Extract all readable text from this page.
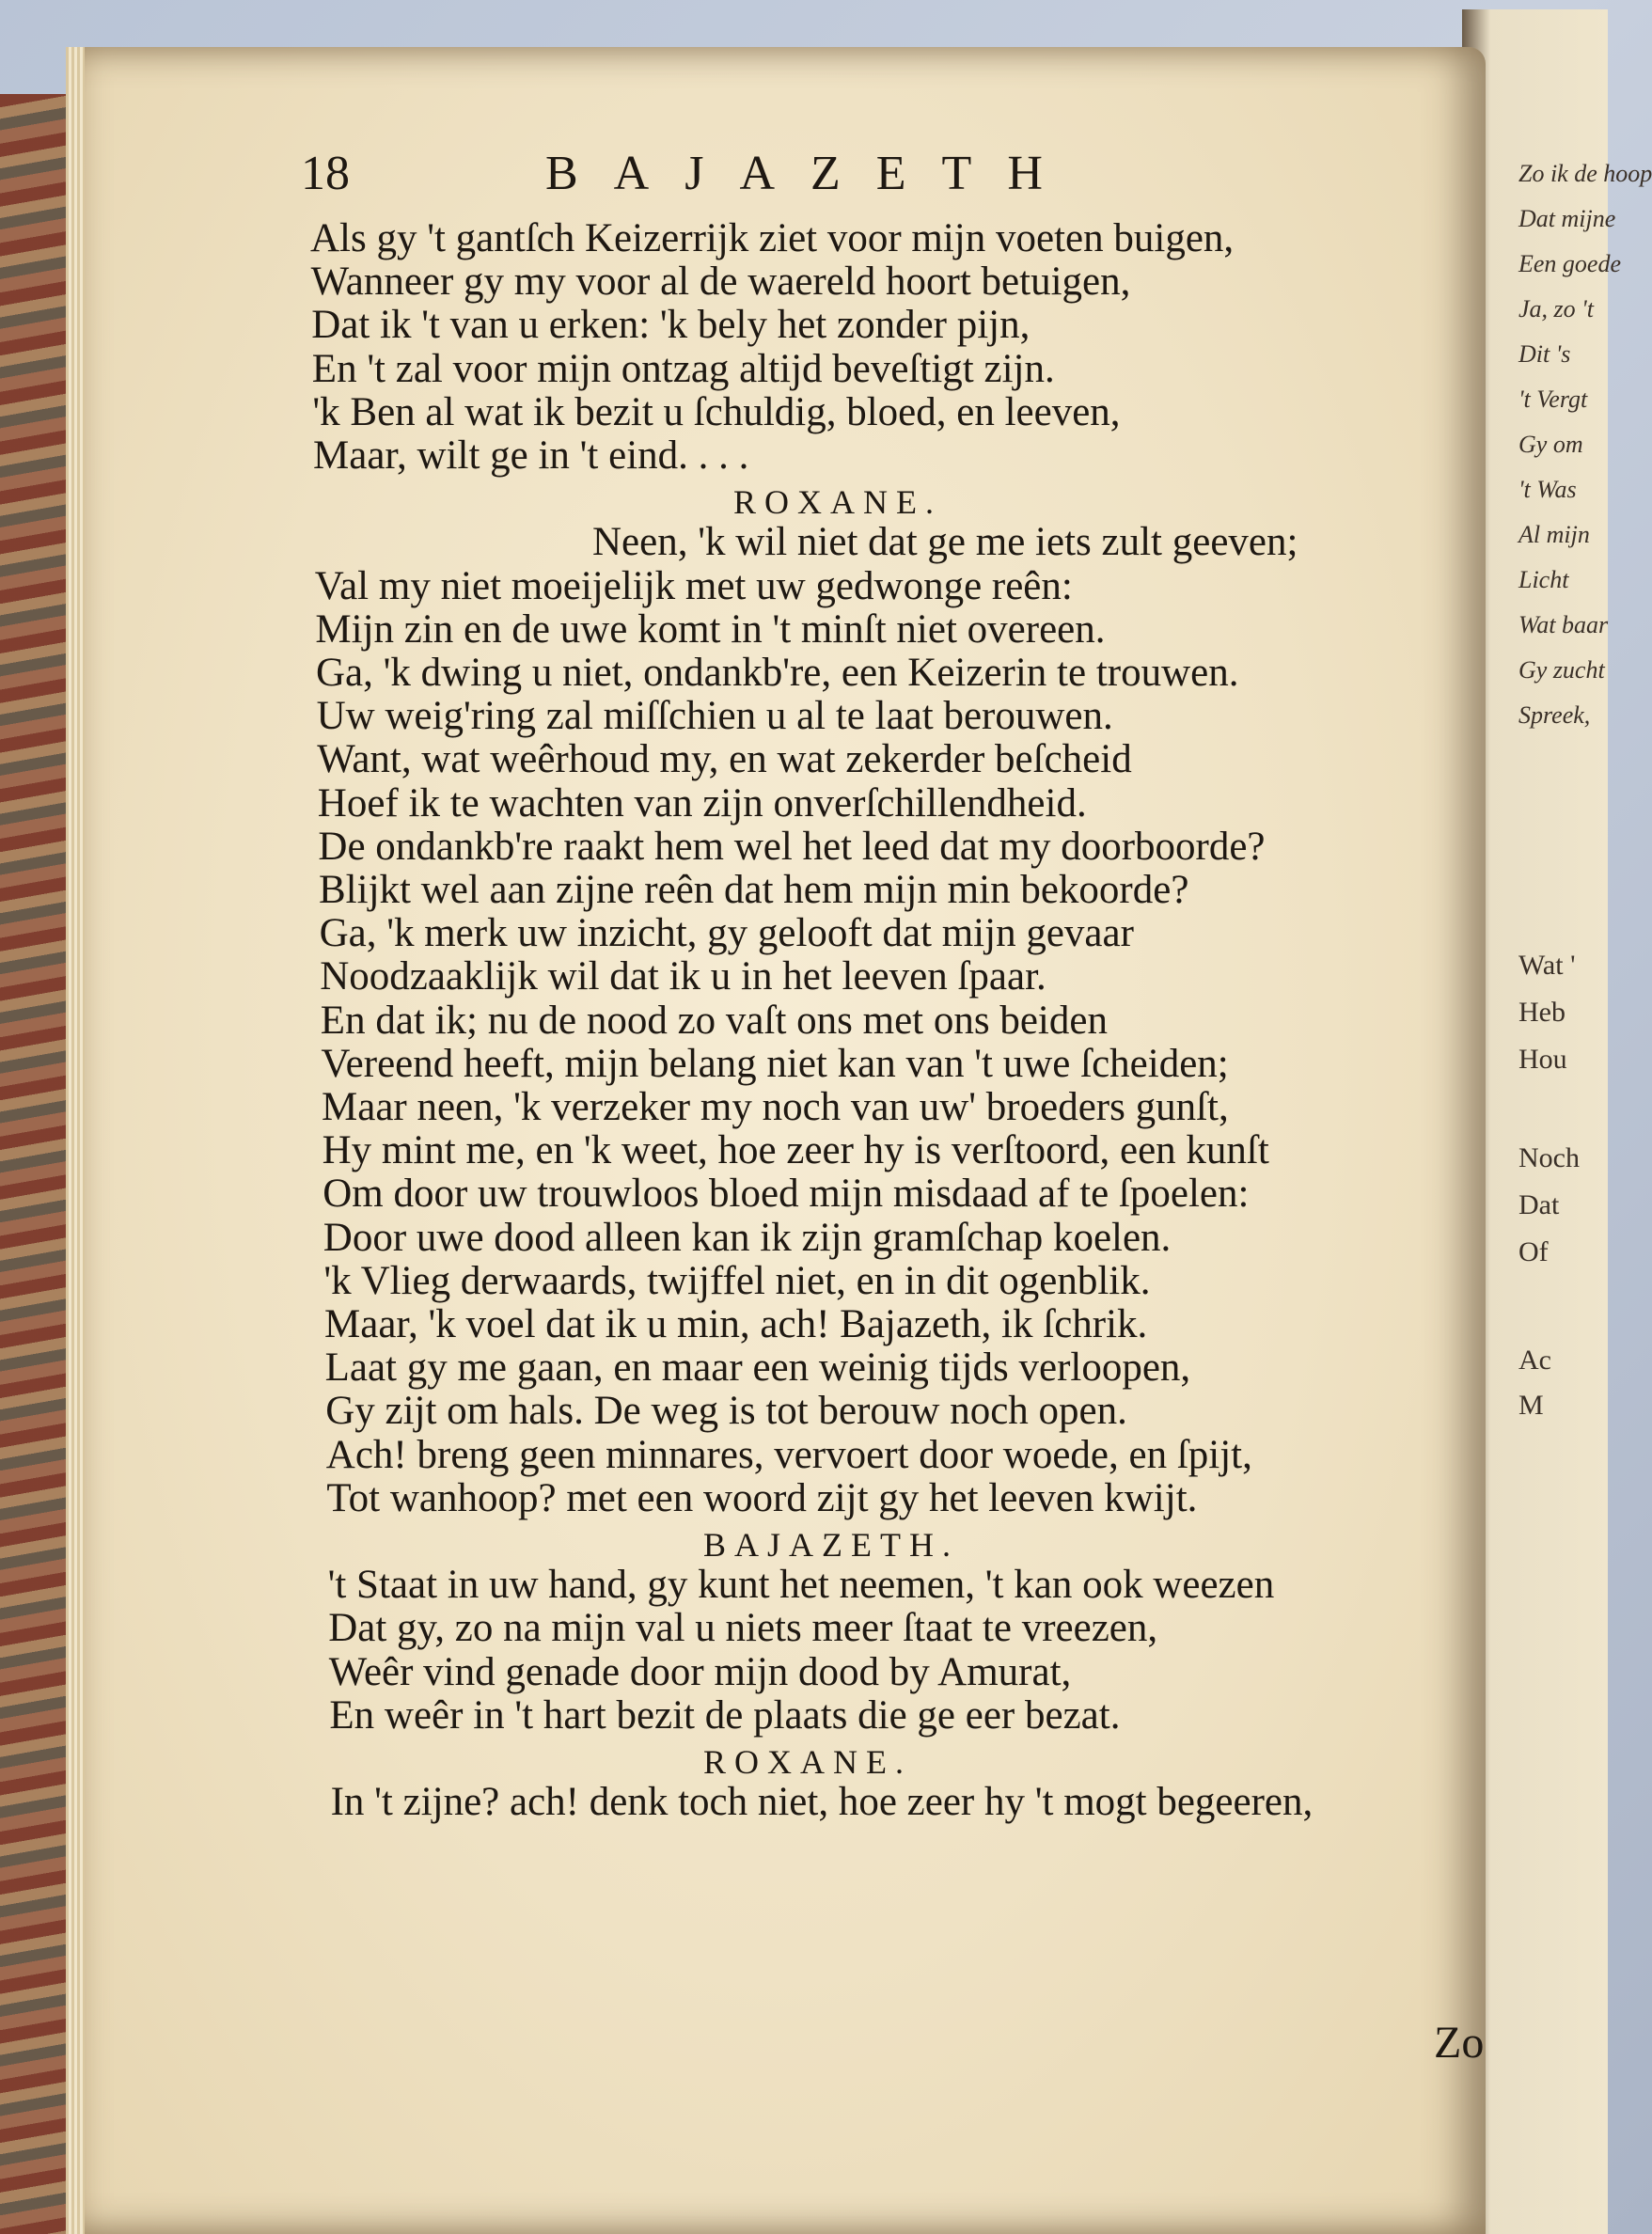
Zo ik de hoop
Dat mijne
Een goede
Ja, zo 't
Dit 's
't Vergt
Gy om
't Was
Al mijn
Licht
Wat baar
Gy zucht
Spreek,
Wat '
Heb
Hou
Noch
Dat
Of
Ac
M
18	BAJAZETH
Als gy 't gantſch Keizerrijk ziet voor mijn voeten buigen,
Wanneer gy my voor al de waereld hoort betuigen,
Dat ik 't van u erken: 'k bely het zonder pijn,
En 't zal voor mijn ontzag altijd beveſtigt zijn.
'k Ben al wat ik bezit u ſchuldig, bloed, en leeven,
Maar, wilt ge in 't eind. . . .
ROXANE.
Neen, 'k wil niet dat ge me iets zult geeven;
Val my niet moeijelijk met uw gedwonge reên:
Mijn zin en de uwe komt in 't minſt niet overeen.
Ga, 'k dwing u niet, ondankb're, een Keizerin te trouwen.
Uw weig'ring zal miſſchien u al te laat berouwen.
Want, wat weêrhoud my, en wat zekerder beſcheid
Hoef ik te wachten van zijn onverſchillendheid.
De ondankb're raakt hem wel het leed dat my doorboorde?
Blijkt wel aan zijne reên dat hem mijn min bekoorde?
Ga, 'k merk uw inzicht, gy gelooft dat mijn gevaar
Noodzaaklijk wil dat ik u in het leeven ſpaar.
En dat ik; nu de nood zo vaſt ons met ons beiden
Vereend heeft, mijn belang niet kan van 't uwe ſcheiden;
Maar neen, 'k verzeker my noch van uw' broeders gunſt,
Hy mint me, en 'k weet, hoe zeer hy is verſtoord, een kunſt
Om door uw trouwloos bloed mijn misdaad af te ſpoelen:
Door uwe dood alleen kan ik zijn gramſchap koelen.
'k Vlieg derwaards, twijffel niet, en in dit ogenblik.
Maar, 'k voel dat ik u min, ach! Bajazeth, ik ſchrik.
Laat gy me gaan, en maar een weinig tijds verloopen,
Gy zijt om hals. De weg is tot berouw noch open.
Ach! breng geen minnares, vervoert door woede, en ſpijt,
Tot wanhoop? met een woord zijt gy het leeven kwijt.
BAJAZETH.
't Staat in uw hand, gy kunt het neemen, 't kan ook weezen
Dat gy, zo na mijn val u niets meer ſtaat te vreezen,
Weêr vind genade door mijn dood by Amurat,
En weêr in 't hart bezit de plaats die ge eer bezat.
ROXANE.
In 't zijne? ach! denk toch niet, hoe zeer hy 't mogt begeeren,
Zo
